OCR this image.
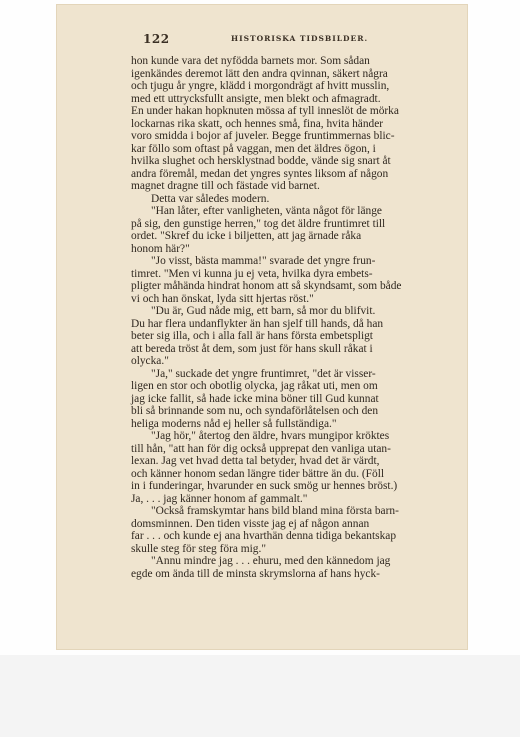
122	HISTORISKA TIDSBILDER.
hon kunde vara det nyfödda barnets mor. Som sådan
igenkändes deremot lätt den andra qvinnan, säkert några
och tjugu år yngre, klädd i morgondrägt af hvitt musslin,
med ett uttrycksfullt ansigte, men blekt och afmagradt.
En under hakan hopknuten mössa af tyll inneslöt de mörka
lockarnas rika skatt, och hennes små, fina, hvita händer
voro smidda i bojor af juveler. Begge fruntimmernas blic-
kar föllo som oftast på vaggan, men det äldres ögon, i
hvilka slughet och hersklystnad bodde, vände sig snart åt
andra föremål, medan det yngres syntes liksom af någon
magnet dragne till och fästade vid barnet.
Detta var således modern.
"Han låter, efter vanligheten, vänta något för länge
på sig, den gunstige herren," tog det äldre fruntimret till
ordet. "Skref du icke i biljetten, att jag ärnade råka
honom här?"
"Jo visst, bästa mamma!" svarade det yngre frun-
timret. "Men vi kunna ju ej veta, hvilka dyra embets-
pligter måhända hindrat honom att så skyndsamt, som både
vi och han önskat, lyda sitt hjertas röst."
"Du är, Gud nåde mig, ett barn, så mor du blifvit.
Du har flera undanflykter än han sjelf till hands, då han
beter sig illa, och i alla fall är hans första embetspligt
att bereda tröst åt dem, som just för hans skull råkat i
olycka."
"Ja," suckade det yngre fruntimret, "det är visser-
ligen en stor och obotlig olycka, jag råkat uti, men om
jag icke fallit, så hade icke mina böner till Gud kunnat
bli så brinnande som nu, och syndaförlåtelsen och den
heliga moderns nåd ej heller så fullständiga."
"Jag hör," återtog den äldre, hvars mungipor kröktes
till hån, "att han för dig också upprepat den vanliga utan-
lexan. Jag vet hvad detta tal betyder, hvad det är värdt,
och känner honom sedan längre tider bättre än du. (Föll
in i funderingar, hvarunder en suck smög ur hennes bröst.)
Ja, . . . jag känner honom af gammalt."
"Också framskymtar hans bild bland mina första barn-
domsminnen. Den tiden visste jag ej af någon annan
far . . . och kunde ej ana hvarthän denna tidiga bekantskap
skulle steg för steg föra mig."
"Annu mindre jag . . . ehuru, med den kännedom jag
egde om ända till de minsta skrymslorna af hans hyck-
